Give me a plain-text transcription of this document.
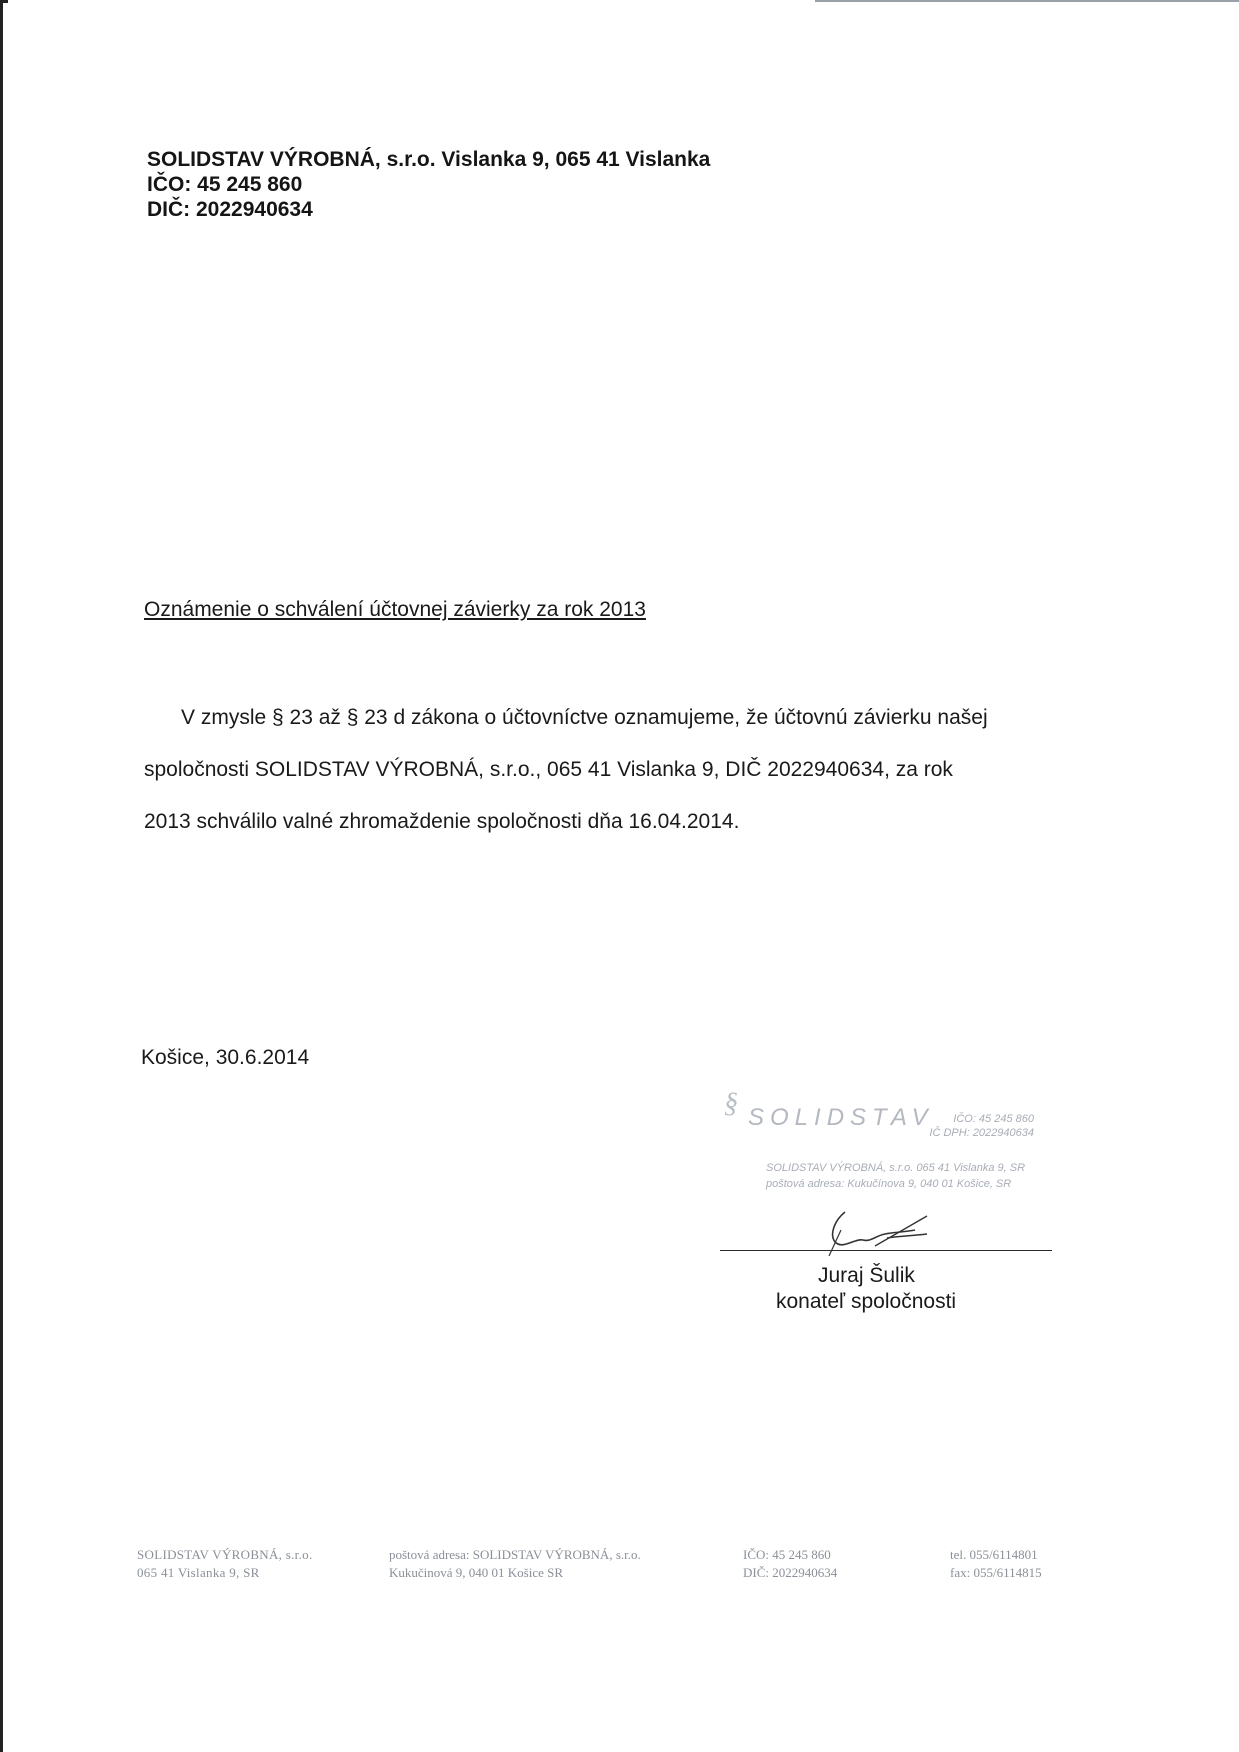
SOLIDSTAV VÝROBNÁ, s.r.o. Vislanka 9, 065 41 Vislanka
IČO: 45 245 860
DIČ: 2022940634
Oznámenie o schválení účtovnej závierky za rok 2013
V zmysle § 23 až § 23 d zákona o účtovníctve oznamujeme, že účtovnú závierku našej
spoločnosti SOLIDSTAV VÝROBNÁ, s.r.o., 065 41 Vislanka 9, DIČ 2022940634, za rok
2013 schválilo valné zhromaždenie spoločnosti dňa 16.04.2014.
Košice, 30.6.2014
§ SOLIDSTAV	IČO: 45 245 860
IČ DPH: 2022940634
SOLIDSTAV VÝROBNÁ, s.r.o. 065 41 Vislanka 9, SR
poštová adresa: Kukučínova 9, 040 01 Košice, SR
Juraj Šulik
konateľ spoločnosti
SOLIDSTAV VÝROBNÁ, s.r.o.
065 41 Vislanka 9, SR
poštová adresa: SOLIDSTAV VÝROBNÁ, s.r.o.
Kukučinová 9, 040 01 Košice SR
IČO: 45 245 860
DIČ: 2022940634
tel. 055/6114801
fax: 055/6114815
